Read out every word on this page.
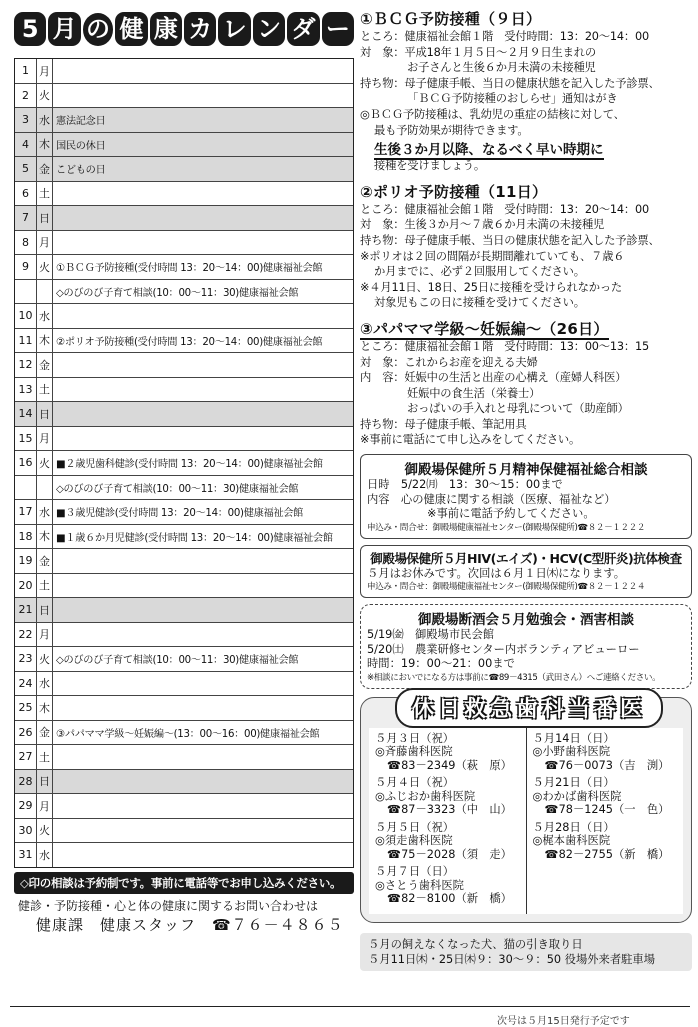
5 月 の 健 康 カ レ ン ダ ー
1 月
2 火
3 水 憲法記念日
4 木 国民の休日
5 金 こどもの日
6 土
7 日
8 月
9 火 ①ＢＣＧ予防接種(受付時間 13：20～14：00)健康福祉会館
◇のびのび子育て相談(10：00～11：30)健康福祉会館
10 水
11 木 ②ポリオ予防接種(受付時間 13：20～14：00)健康福祉会館
12 金
13 土
14 日
15 月
16 火 ■２歳児歯科健診(受付時間 13：20～14：00)健康福祉会館
◇のびのび子育て相談(10：00～11：30)健康福祉会館
17 水 ■３歳児健診(受付時間 13：20～14：00)健康福祉会館
18 木 ■１歳６か月児健診(受付時間 13：20～14：00)健康福祉会館
19 金
20 土
21 日
22 月
23 火 ◇のびのび子育て相談(10：00～11：30)健康福祉会館
24 水
25 木
26 金 ③パパママ学級～妊娠編～(13：00～16：00)健康福祉会館
27 土
28 日
29 月
30 火
31 水
◇印の相談は予約制です。事前に電話等でお申し込みください。
健診・予防接種・心と体の健康に関するお問い合わせは
健康課　健康スタッフ　☎７６－４８６５
①ＢＣＧ予防接種（９日）
ところ：健康福祉会館１階　受付時間：13：20～14：00
対　象：平成18年１月５日～２月９日生まれの
お子さんと生後６か月未満の未接種児
持ち物：母子健康手帳、当日の健康状態を記入した予診票、
「ＢＣＧ予防接種のおしらせ」通知はがき
◎ＢＣＧ予防接種は、乳幼児の重症の結核に対して、
最も予防効果が期待できます。
生後３か月以降、なるべく早い時期に
接種を受けましょう。
②ポリオ予防接種（11日）
ところ：健康福祉会館１階　受付時間：13：20～14：00
対　象：生後３か月～７歳６か月未満の未接種児
持ち物：母子健康手帳、当日の健康状態を記入した予診票、
※ポリオは２回の間隔が長期間離れていても、７歳６
か月までに、必ず２回服用してください。
※４月11日、18日、25日に接種を受けられなかった
対象児もこの日に接種を受けてください。
③パパママ学級～妊娠編～（26日）
ところ：健康福祉会館１階　受付時間：13：00～13：15
対　象：これからお産を迎える夫婦
内　容：妊娠中の生活と出産の心構え（産婦人科医）
妊娠中の食生活（栄養士）
おっぱいの手入れと母乳について（助産師）
持ち物：母子健康手帳、筆記用具
※事前に電話にて申し込みをしてください。
御殿場保健所５月精神保健福祉総合相談
日時　5/22㈪　13：30～15：00まで
内容　心の健康に関する相談（医療、福祉など）
※事前に電話予約してください。
申込み・問合せ：御殿場健康福祉センター(御殿場保健所)☎８２－１２２２
御殿場保健所５月HIV(エイズ)・HCV(C型肝炎)抗体検査
５月はお休みです。次回は６月１日㈭になります。
申込み・問合せ：御殿場健康福祉センター(御殿場保健所)☎８２－１２２４
御殿場断酒会５月勉強会・酒害相談
5/19㈮　御殿場市民会館
5/20㈯　農業研修センター内ボランティアビューロー
時間：19：00～21：00まで
※相談においでになる方は事前に☎89－4315（武田さん）へご連絡ください。
休日救急歯科当番医
５月３日（祝）
◎斉藤歯科医院
☎83－2349（萩　原）
５月４日（祝）
◎ふじおか歯科医院
☎87－3323（中　山）
５月５日（祝）
◎須走歯科医院
☎75－2028（須　走）
５月７日（日）
◎さとう歯科医院
☎82－8100（新　橋）
５月14日（日）
◎小野歯科医院
☎76－0073（吉　渕）
５月21日（日）
◎わかば歯科医院
☎78－1245（一　色）
５月28日（日）
◎梶本歯科医院
☎82－2755（新　橋）
５月の飼えなくなった犬、猫の引き取り日
５月11日㈭・25日㈭９：30～９：50 役場外来者駐車場
次号は５月15日発行予定です
